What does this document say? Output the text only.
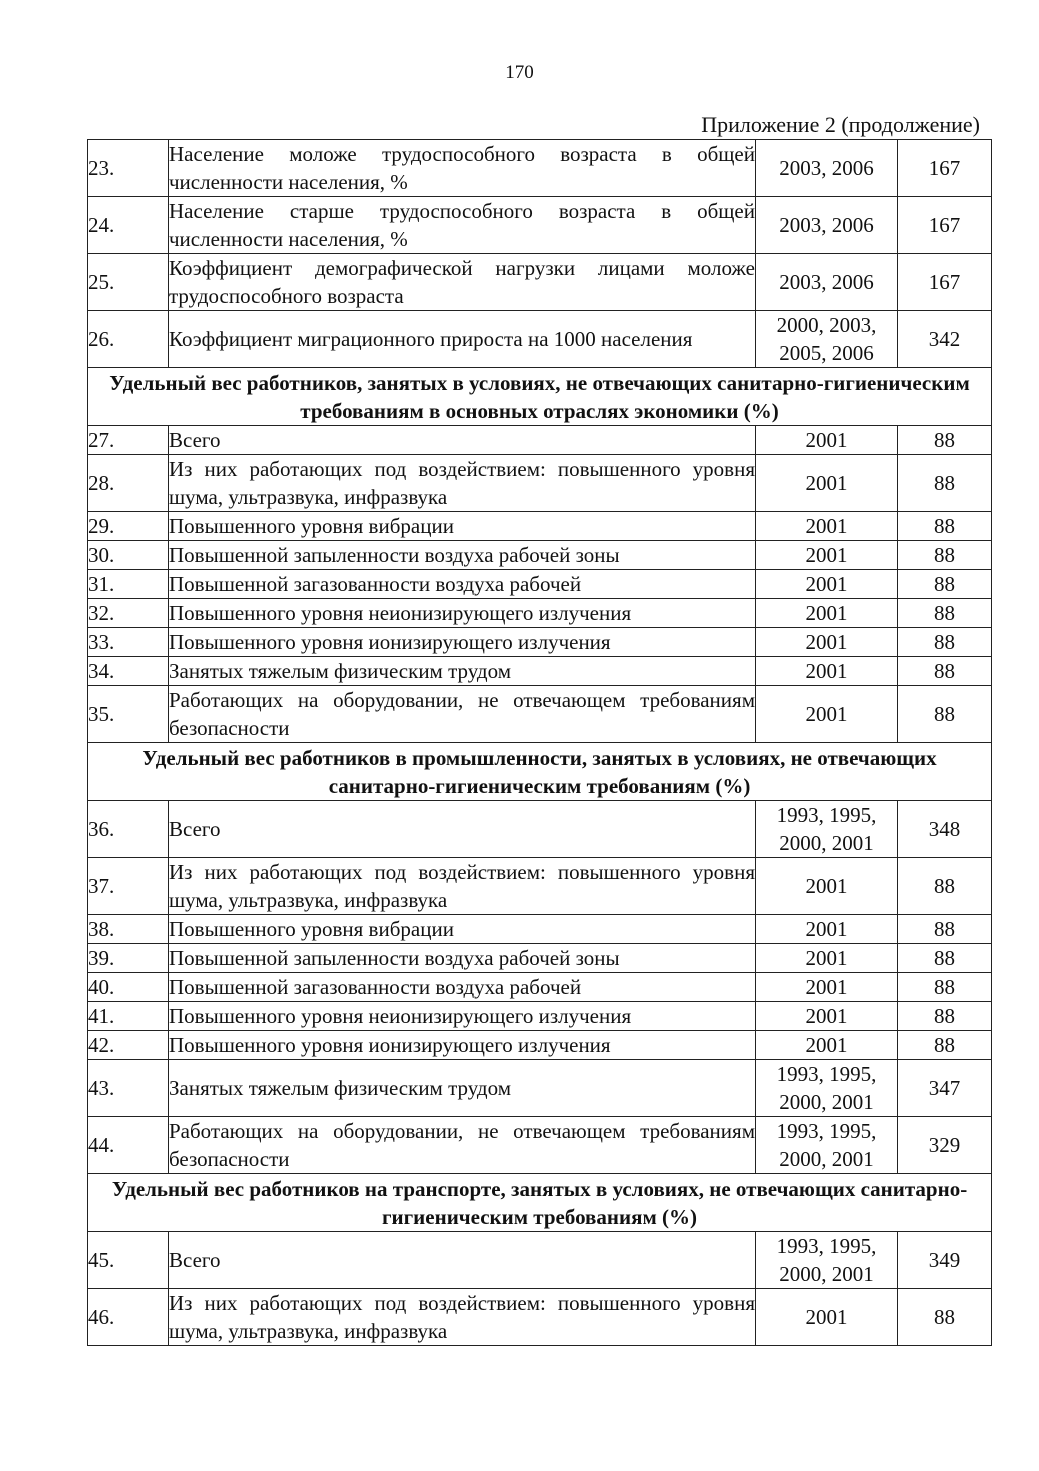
170
Приложение 2 (продолжение)
23.	Население моложе трудоспособного возраста в общей численности населения, %	2003, 2006	167
24.	Население старше трудоспособного возраста в общей численности населения, %	2003, 2006	167
25.	Коэффициент демографической нагрузки лицами моложе трудоспособного возраста	2003, 2006	167
26.	Коэффициент миграционного прироста на 1000 населения	2000, 2003, 2005, 2006	342
Удельный вес работников, занятых в условиях, не отвечающих санитарно-гигиеническим требованиям в основных отраслях экономики (%)			
27.	Всего	2001	88
28.	Из них работающих под воздействием: повышенного уровня шума, ультразвука, инфразвука	2001	88
29.	Повышенного уровня вибрации	2001	88
30.	Повышенной запыленности воздуха рабочей зоны	2001	88
31.	Повышенной загазованности воздуха рабочей	2001	88
32.	Повышенного уровня неионизирующего излучения	2001	88
33.	Повышенного уровня ионизирующего излучения	2001	88
34.	Занятых тяжелым физическим трудом	2001	88
35.	Работающих на оборудовании, не отвечающем требованиям безопасности	2001	88
Удельный вес работников в промышленности, занятых в условиях, не отвечающих санитарно-гигиеническим требованиям (%)			
36.	Всего	1993, 1995, 2000, 2001	348
37.	Из них работающих под воздействием: повышенного уровня шума, ультразвука, инфразвука	2001	88
38.	Повышенного уровня вибрации	2001	88
39.	Повышенной запыленности воздуха рабочей зоны	2001	88
40.	Повышенной загазованности воздуха рабочей	2001	88
41.	Повышенного уровня неионизирующего излучения	2001	88
42.	Повышенного уровня ионизирующего излучения	2001	88
43.	Занятых тяжелым физическим трудом	1993, 1995, 2000, 2001	347
44.	Работающих на оборудовании, не отвечающем требованиям безопасности	1993, 1995, 2000, 2001	329
Удельный вес работников на транспорте, занятых в условиях, не отвечающих санитарно-гигиеническим требованиям (%)			
45.	Всего	1993, 1995, 2000, 2001	349
46.	Из них работающих под воздействием: повышенного уровня шума, ультразвука, инфразвука	2001	88
